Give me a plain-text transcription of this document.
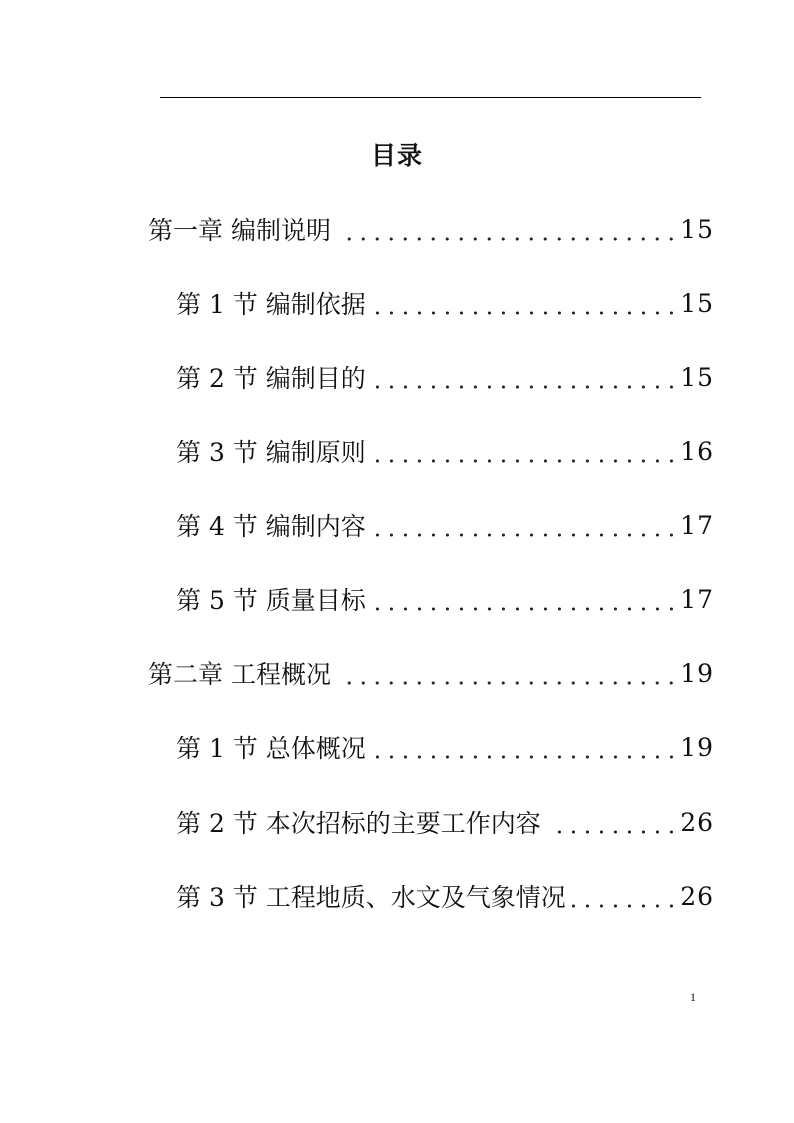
目录
第一章 编制说明	15
第 1 节 编制依据	15
第 2 节 编制目的	15
第 3 节 编制原则	16
第 4 节 编制内容	17
第 5 节 质量目标	17
第二章 工程概况	19
第 1 节 总体概况	19
第 2 节 本次招标的主要工作内容	26
第 3 节 工程地质、水文及气象情况	26
1
